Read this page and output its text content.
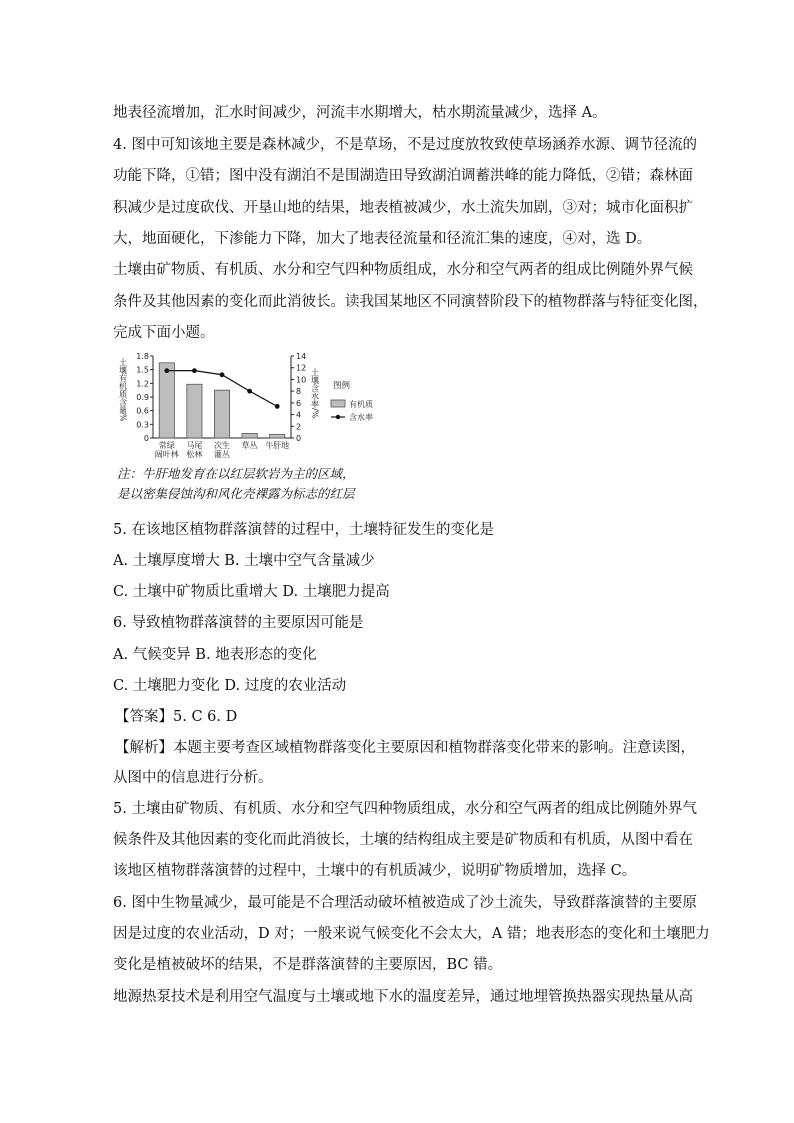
地表径流增加，汇水时间减少，河流丰水期增大，枯水期流量减少，选择 A。
4. 图中可知该地主要是森林减少，不是草场，不是过度放牧致使草场涵养水源、调节径流的
功能下降，①错；图中没有湖泊不是围湖造田导致湖泊调蓄洪峰的能力降低，②错；森林面
积减少是过度砍伐、开垦山地的结果，地表植被减少，水土流失加剧，③对；城市化面积扩
大，地面硬化，下渗能力下降，加大了地表径流量和径流汇集的速度，④对，选 D。
土壤由矿物质、有机质、水分和空气四种物质组成，水分和空气两者的组成比例随外界气候
条件及其他因素的变化而此消彼长。读我国某地区不同演替阶段下的植物群落与特征变化图，
完成下面小题。
0
0.3
0.6
0.9
1.2
1.5
1.8
0
2
4
6
8
10
12
14
土壤有机质含量%	土壤含水率/%
常绿
阔叶林
马尾
松林
次生
灌丛
草丛 牛肝地
图例
有机质
含水率
注：牛肝地发育在以红层软岩为主的区域，
是以密集侵蚀沟和风化壳裸露为标志的红层
5. 在该地区植物群落演替的过程中，土壤特征发生的变化是
A. 土壤厚度增大 B. 土壤中空气含量减少
C. 土壤中矿物质比重增大 D. 土壤肥力提高
6. 导致植物群落演替的主要原因可能是
A. 气候变异 B. 地表形态的变化
C. 土壤肥力变化 D. 过度的农业活动
【答案】5. C 6. D
【解析】本题主要考查区域植物群落变化主要原因和植物群落变化带来的影响。注意读图，
从图中的信息进行分析。
5. 土壤由矿物质、有机质、水分和空气四种物质组成，水分和空气两者的组成比例随外界气
候条件及其他因素的变化而此消彼长，土壤的结构组成主要是矿物质和有机质，从图中看在
该地区植物群落演替的过程中，土壤中的有机质减少，说明矿物质增加，选择 C。
6. 图中生物量减少，最可能是不合理活动破坏植被造成了沙土流失，导致群落演替的主要原
因是过度的农业活动，D 对；一般来说气候变化不会太大，A 错；地表形态的变化和土壤肥力
变化是植被破坏的结果，不是群落演替的主要原因，BC 错。
地源热泵技术是利用空气温度与土壤或地下水的温度差异，通过地埋管换热器实现热量从高
